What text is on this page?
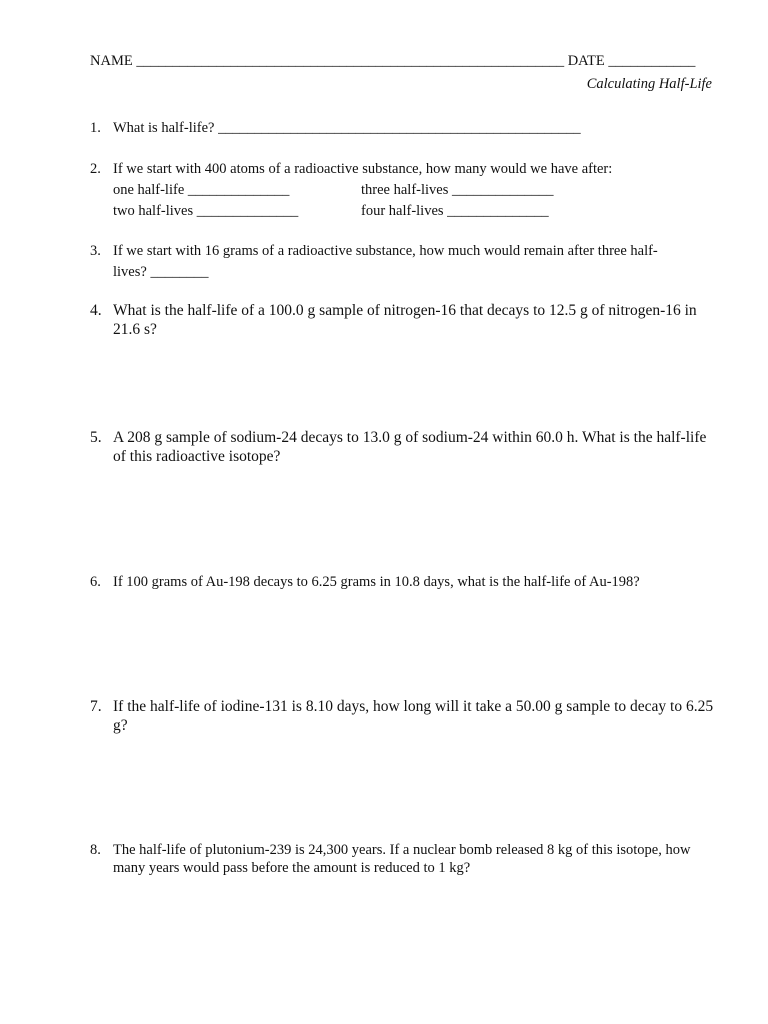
NAME ___________________________________________________________ DATE ____________
Calculating Half-Life
1. What is half-life? __________________________________________________
2. If we start with 400 atoms of a radioactive substance, how many would we have after:
one half-life ______________	three half-lives ______________
two half-lives ______________	four half-lives ______________
3. If we start with 16 grams of a radioactive substance, how much would remain after three half-
lives? ________
4. What is the half-life of a 100.0 g sample of nitrogen-16 that decays to 12.5 g of nitrogen-16 in 21.6 s?
5. A 208 g sample of sodium-24 decays to 13.0 g of sodium-24 within 60.0 h. What is the half-life of this radioactive isotope?
6. If 100 grams of Au-198 decays to 6.25 grams in 10.8 days, what is the half-life of Au-198?
7. If the half-life of iodine-131 is 8.10 days, how long will it take a 50.00 g sample to decay to 6.25 g?
8. The half-life of plutonium-239 is 24,300 years. If a nuclear bomb released 8 kg of this isotope, how many years would pass before the amount is reduced to 1 kg?
